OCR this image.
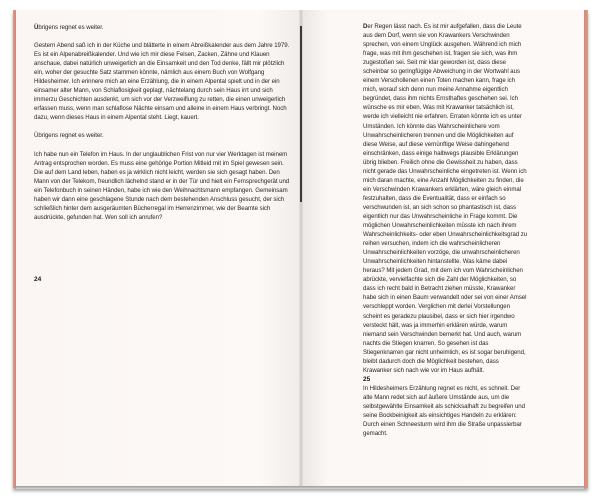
Übrigens regnet es weiter.

Gestern Abend saß ich in der Küche und blätterte in einem Abreißkalender aus dem Jahre 1979. Es ist ein Alpenabreißkalender. Und wie ich mir diese Felsen, Zacken, Zähne und Klauen anschaue, dabei natürlich unweigerlich an die Einsamkeit und den Tod denke, fällt mir plötzlich ein, woher der gesuchte Satz stammen könnte, nämlich aus einem Buch von Wolfgang Hildesheimer. Ich erinnere mich an eine Erzählung, die in einem Alpental spielt und in der ein einsamer alter Mann, von Schlaflosigkeit geplagt, nächtelang durch sein Haus irrt und sich immerzu Geschichten ausdenkt, um sich vor der Verzweiflung zu retten, die einen unweigerlich erfassen muss, wenn man schlaflose Nächte einsam und alleine in einem Haus verbringt. Noch dazu, wenn dieses Haus in einem Alpental steht. Liegt, kauert.

Übrigens regnet es weiter.

Ich habe nun ein Telefon im Haus. In der unglaublichen Frist von nur vier Werktagen ist meinem Antrag entsprochen worden. Es muss eine gehörige Portion Mitleid mit im Spiel gewesen sein. Die auf dem Land leben, haben es ja wirklich nicht leicht, werden sie sich gesagt haben. Den Mann von der Telekom, freundlich lächelnd stand er in der Tür und hielt ein Fernsprechgerät und ein Telefonbuch in seinen Händen, habe ich wie den Weihnachtsmann empfangen. Gemeinsam haben wir dann eine geschlagene Stunde nach dem bestehenden Anschluss gesucht, der sich schließlich hinter dem ausgeräumten Bücherregal im Herrenzimmer, wie der Beamte sich ausdrückte, gefunden hat. Wen soll ich anrufen?

24

Der Regen lässt nach. Es ist mir aufgefallen, dass die Leute aus dem Dorf, wenn sie von Krawankers Verschwinden sprechen, von einem Unglück ausgehen. Während ich mich frage, was mit ihm geschehen ist, fragen sie sich, was ihm zugestoßen sei. Seit mir klar geworden ist, dass diese scheinbar so geringfügige Abweichung in der Wortwahl aus einem Verschollenen einen Toten machen kann, frage ich mich, worauf sich denn nun meine Annahme eigentlich begründet, dass ihm nichts Ernsthaftes geschehen sei. Ich wünsche es mir eben. Was mit Krawanker tatsächlich ist, werde ich vielleicht nie erfahren. Erraten könnte ich es unter Umständen. Ich könnte das Wahrscheinlichere vom Unwahrscheinlicheren trennen und die Möglichkeiten auf diese Weise, auf diese vernünftige Weise dahingehend einschränken, dass einige halbwegs plausible Erklärungen übrig blieben. Freilich ohne die Gewissheit zu haben, dass nicht gerade das Unwahrscheinliche eingetreten ist. Wenn ich mich daran machte, eine Anzahl Möglichkeiten zu finden, die ein Verschwinden Krawankers erklärten, wäre gleich einmal festzuhalten, dass die Eventualität, dass er einfach so verschwunden ist, an sich schon so phantastisch ist, dass eigentlich nur das Unwahrscheinliche in Frage kommt. Die möglichen Unwahrscheinlichkeiten müsste ich nach ihrem Wahrscheinlichkeits- oder eben Unwahrscheinlichkeitsgrad zu reihen versuchen, indem ich die wahrscheinlicheren Unwahrscheinlichkeiten vorzöge, die unwahrscheinlicheren Unwahrscheinlichkeiten hintanstellte. Was käme dabei heraus? Mit jedem Grad, mit dem ich vom Wahrscheinlichen abrückte, vervielfachte sich die Zahl der Möglichkeiten, so dass ich recht bald in Betracht ziehen müsste, Krawanker habe sich in einen Baum verwandelt oder sei von einer Amsel verschleppt worden. Verglichen mit derlei Vorstellungen scheint es geradezu plausibel, dass er sich hier irgendwo versteckt hält, was ja immerhin erklären würde, warum niemand sein Verschwinden bemerkt hat. Und auch, warum nachts die Stiegen knarren. So gesehen ist das Stiegenknarren gar nicht unheimlich, es ist sogar beruhigend, bleibt dadurch doch die Möglichkeit bestehen, dass Krawanker sich nach wie vor im Haus aufhält.

In Hildesheimers Erzählung regnet es nicht, es schneit. Der alte Mann redet sich auf äußere Umstände aus, um die selbstgewählte Einsamkeit als schicksalhaft zu begreifen und seine Bockbeinigkeit als einsichtiges Handeln zu erklären: Durch einen Schneesturm wird ihm die Straße unpassierbar gemacht.

25
